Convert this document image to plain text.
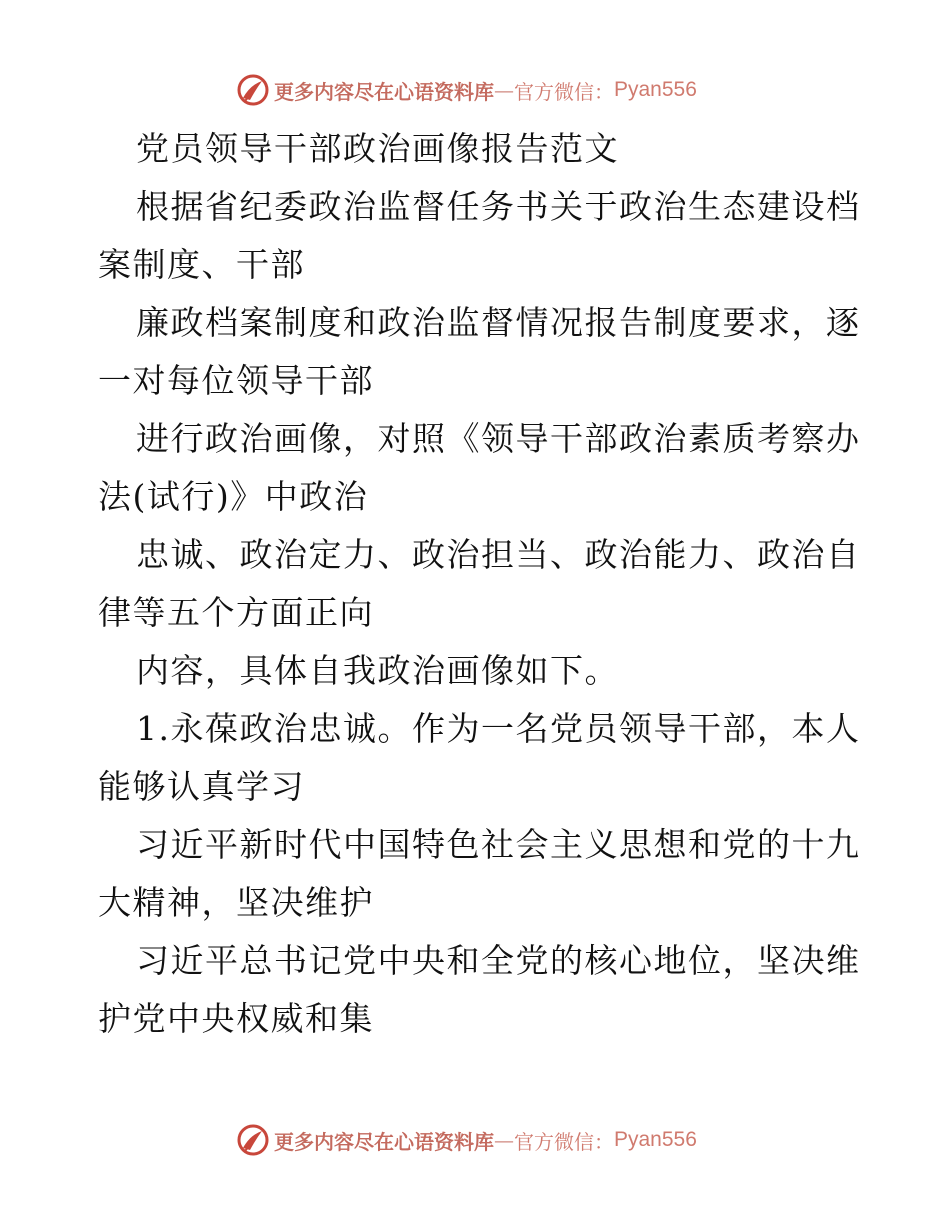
更多内容尽在心语资料库 — 官方微信： Pyan556
党员领导干部政治画像报告范文
根据省纪委政治监督任务书关于政治生态建设档
案制度、干部
廉政档案制度和政治监督情况报告制度要求，逐
一对每位领导干部
进行政治画像，对照《领导干部政治素质考察办
法(试行)》中政治
忠诚、政治定力、政治担当、政治能力、政治自
律等五个方面正向
内容，具体自我政治画像如下。
1.永葆政治忠诚。作为一名党员领导干部，本人
能够认真学习
习近平新时代中国特色社会主义思想和党的十九
大精神，坚决维护
习近平总书记党中央和全党的核心地位，坚决维
护党中央权威和集
更多内容尽在心语资料库 — 官方微信： Pyan556
